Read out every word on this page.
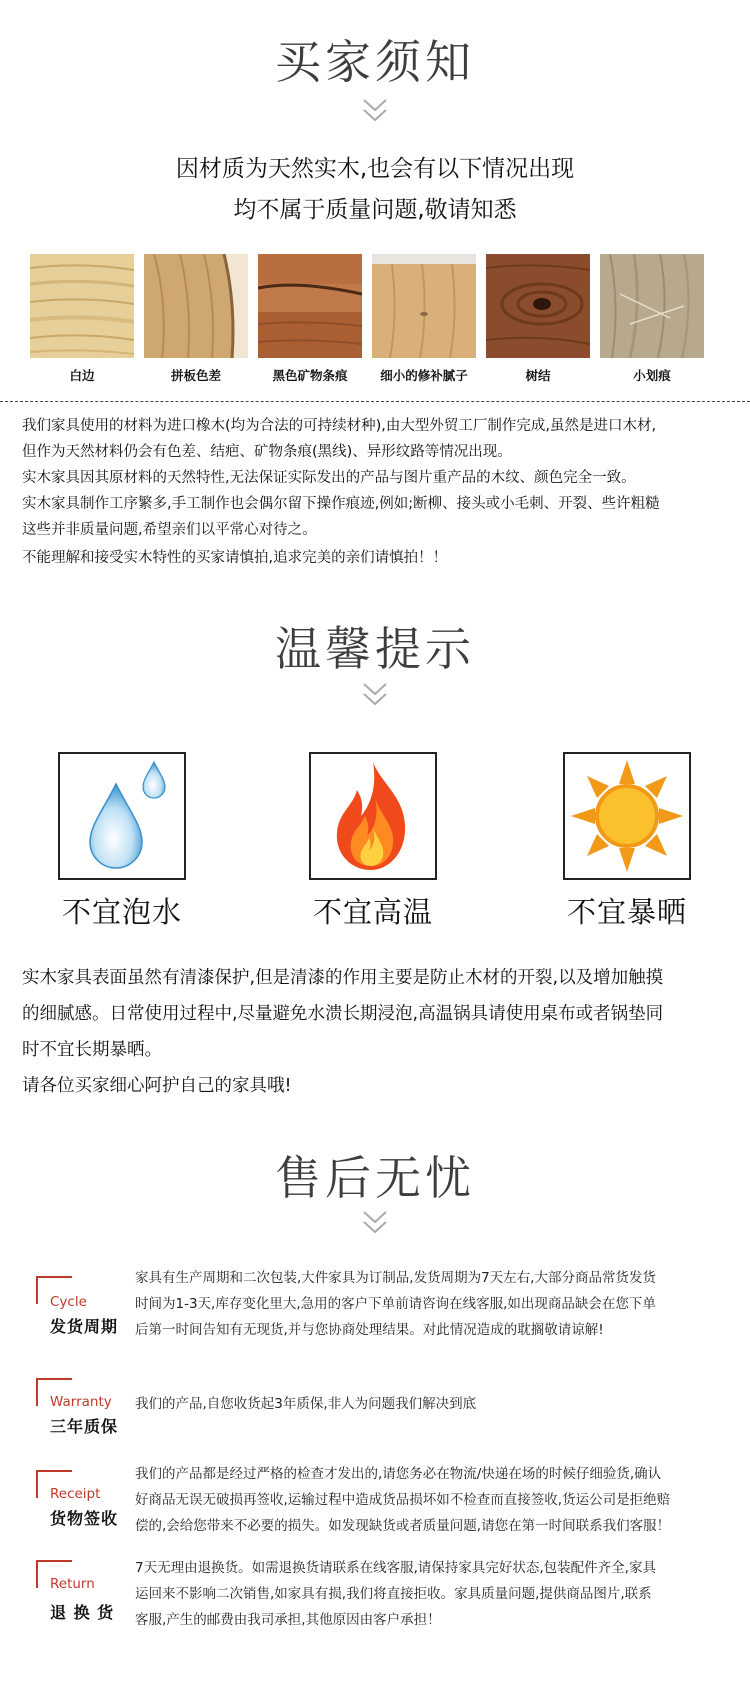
买家须知
因材质为天然实木,也会有以下情况出现
均不属于质量问题,敬请知悉
白边	拼板色差	黑色矿物条痕	细小的修补腻子	树结	小划痕
我们家具使用的材料为进口橡木(均为合法的可持续材种),由大型外贸工厂制作完成,虽然是进口木材,
但作为天然材料仍会有色差、结疤、矿物条痕(黑线)、异形纹路等情况出现。
实木家具因其原材料的天然特性,无法保证实际发出的产品与图片重产品的木纹、颜色完全一致。
实木家具制作工序繁多,手工制作也会偶尔留下操作痕迹,例如;断柳、接头或小毛刺、开裂、些许粗糙
这些并非质量问题,希望亲们以平常心对待之。
不能理解和接受实木特性的买家请慎拍,追求完美的亲们请慎拍！！
温馨提示
不宜泡水	不宜高温	不宜暴晒
实木家具表面虽然有清漆保护,但是清漆的作用主要是防止木材的开裂,以及增加触摸
的细腻感。日常使用过程中,尽量避免水溃长期浸泡,高温锅具请使用桌布或者锅垫同
时不宜长期暴晒。
请各位买家细心阿护自己的家具哦!
售后无忧
Cycle
发货周期
家具有生产周期和二次包装,大件家具为订制品,发货周期为7天左右,大部分商品常货发货
时间为1-3天,库存变化里大,急用的客户下单前请咨询在线客服,如出现商品缺会在您下单
后第一时间告知有无现货,并与您协商处理结果。对此情况造成的耽搁敬请谅解!
Warranty
三年质保
我们的产品,自您收货起3年质保,非人为问题我们解决到底
Receipt
货物签收
我们的产品都是经过严格的检查才发出的,请您务必在物流/快递在场的时候仔细验货,确认
好商品无误无破损再签收,运输过程中造成货品损坏如不检查而直接签收,货运公司是拒绝赔
偿的,会给您带来不必要的损失。如发现缺货或者质量问题,请您在第一时间联系我们客服！
Return
退 换 货
7天无理由退换货。如需退换货请联系在线客服,请保持家具完好状态,包装配件齐全,家具
运回来不影响二次销售,如家具有损,我们将直接拒收。家具质量问题,提供商品图片,联系
客服,产生的邮费由我司承担,其他原因由客户承担！
